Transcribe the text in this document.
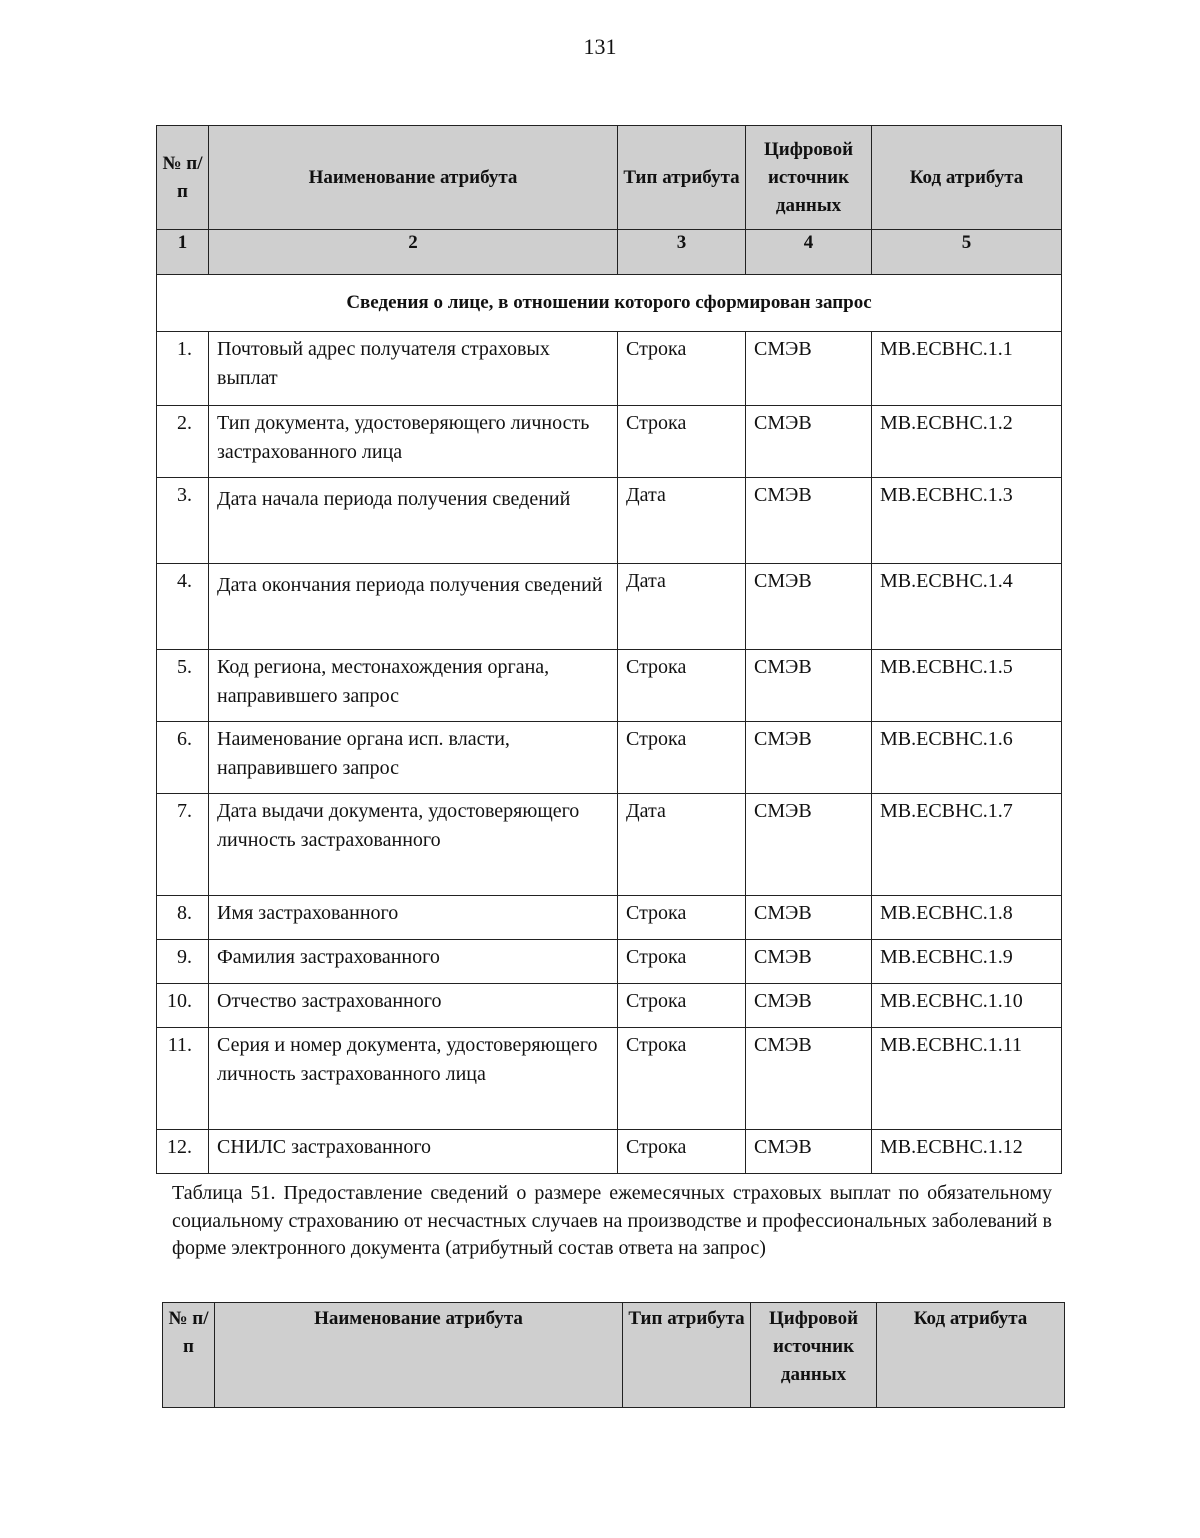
131
№ п/п	Наименование атрибута	Тип атрибута	Цифровой источник данных	Код атрибута
1	2	3	4	5
Сведения о лице, в отношении которого сформирован запрос				
1.	Почтовый адрес получателя страховых выплат	Строка	СМЭВ	MB.ECBHC.1.1
2.	Тип документа, удостоверяющего личность застрахованного лица	Строка	СМЭВ	MB.ECBHC.1.2
3.	Дата начала периода получения сведений	Дата	СМЭВ	MB.ECBHC.1.3
4.	Дата окончания периода получения сведений	Дата	СМЭВ	MB.ECBHC.1.4
5.	Код региона, местонахождения органа, направившего запрос	Строка	СМЭВ	MB.ECBHC.1.5
6.	Наименование органа исп. власти, направившего запрос	Строка	СМЭВ	MB.ECBHC.1.6
7.	Дата выдачи документа, удостоверяющего личность застрахованного	Дата	СМЭВ	MB.ECBHC.1.7
8.	Имя застрахованного	Строка	СМЭВ	MB.ECBHC.1.8
9.	Фамилия застрахованного	Строка	СМЭВ	MB.ECBHC.1.9
10.	Отчество застрахованного	Строка	СМЭВ	MB.ECBHC.1.10
11.	Серия и номер документа, удостоверяющего личность застрахованного лица	Строка	СМЭВ	MB.ECBHC.1.11
12.	СНИЛС застрахованного	Строка	СМЭВ	MB.ECBHC.1.12
Таблица 51. Предоставление сведений о размере ежемесячных страховых выплат по обязательному социальному страхованию от несчастных случаев на производстве и профессиональных заболеваний в форме электронного документа (атрибутный состав ответа на запрос)
№ п/п	Наименование атрибута	Тип атрибута	Цифровой источник данных	Код атрибута
